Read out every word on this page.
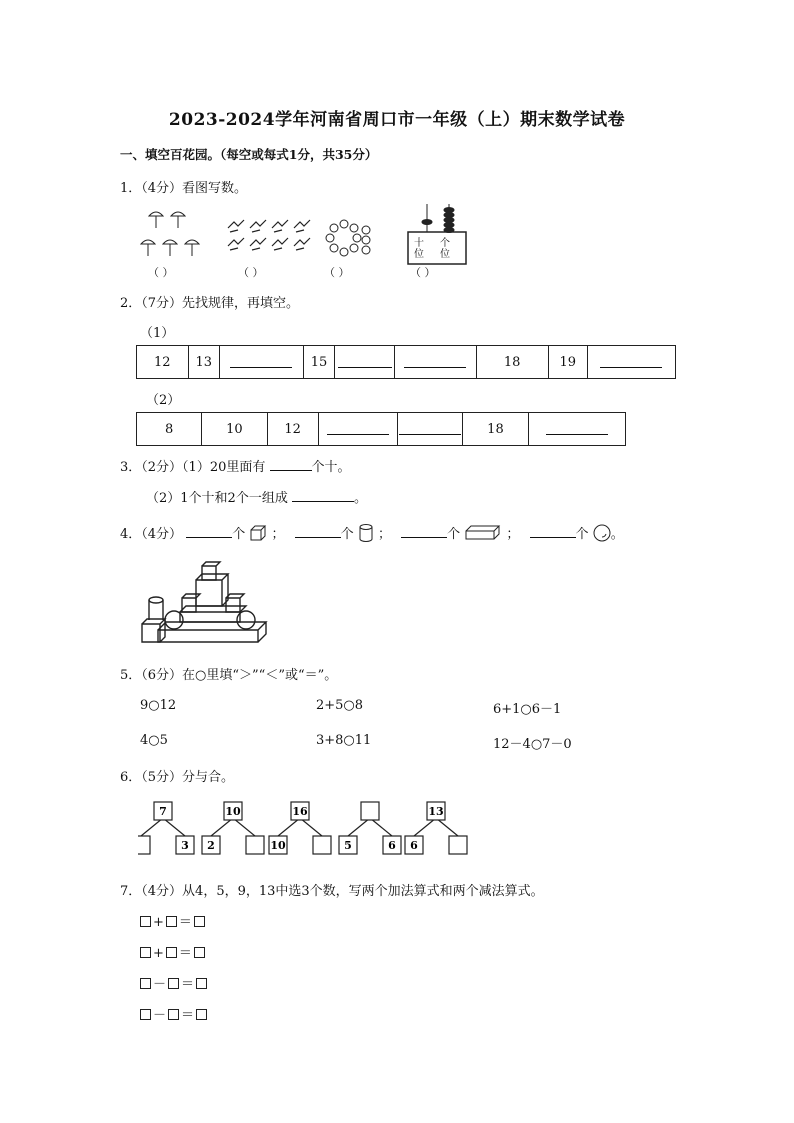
2023-2024学年河南省周口市一年级（上）期末数学试卷
一、填空百花园。（每空或每式1分，共35分）
1．（4分）看图写数。
十位
个位
（ ）	（ ）	（ ）	（ ）
2．（7分）先找规律，再填空。
（1）
12	13		15			18	19	
（2）
8	10	12			18	
3．（2分）（1）20里面有	个十。
（2）1个十和2个一组成	。
4．（4分）	个 ；	个 ；	个	；	个 。
5．（6分）在○里填“＞”“＜”或“＝”。
9○12	2+5○8	6+1○6－1
4○5	3+8○11	12－4○7－0
6．（5分）分与合。
7
3
10
2
16
10	5	6
13
6
7．（4分）从4，5，9，13中选3个数，写两个加法算式和两个减法算式。
+ ＝
+ ＝
－ ＝
－ ＝
